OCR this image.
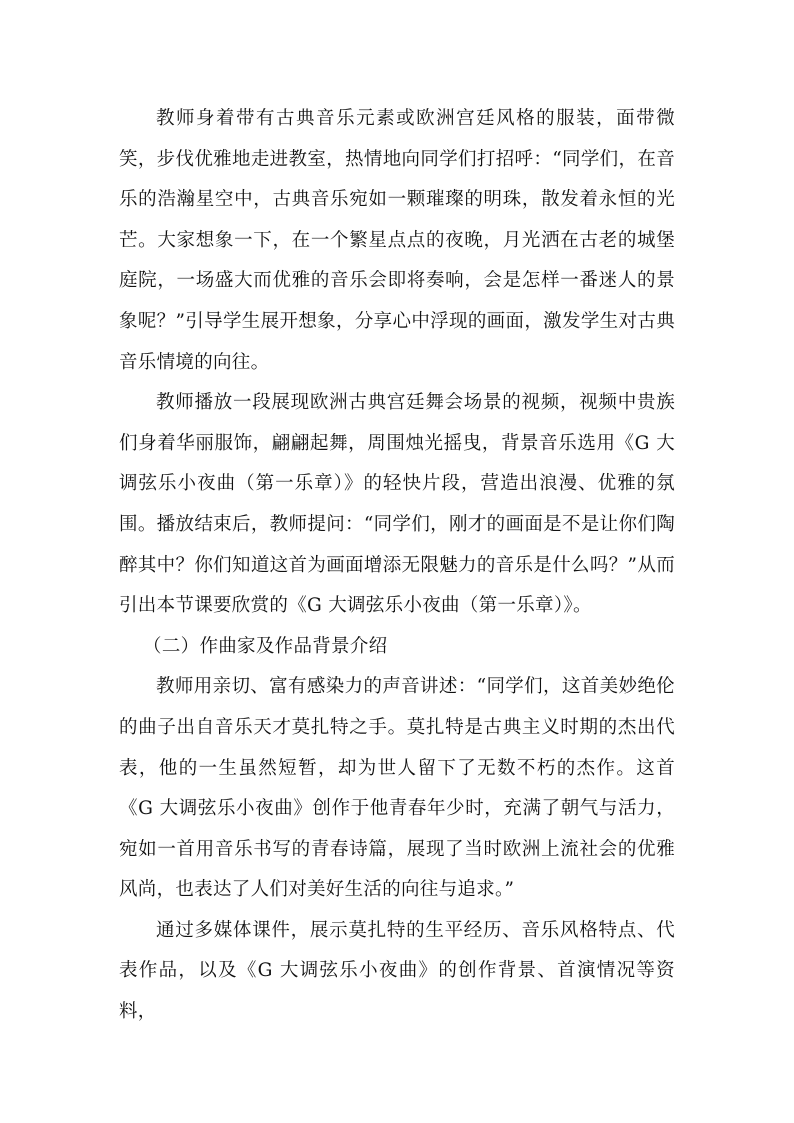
教师身着带有古典音乐元素或欧洲宫廷风格的服装，面带微笑，步伐优雅地走进教室，热情地向同学们打招呼：“同学们，在音乐的浩瀚星空中，古典音乐宛如一颗璀璨的明珠，散发着永恒的光芒。大家想象一下，在一个繁星点点的夜晚，月光洒在古老的城堡庭院，一场盛大而优雅的音乐会即将奏响，会是怎样一番迷人的景象呢？”引导学生展开想象，分享心中浮现的画面，激发学生对古典音乐情境的向往。

教师播放一段展现欧洲古典宫廷舞会场景的视频，视频中贵族们身着华丽服饰，翩翩起舞，周围烛光摇曳，背景音乐选用《G 大调弦乐小夜曲（第一乐章）》的轻快片段，营造出浪漫、优雅的氛围。播放结束后，教师提问：“同学们，刚才的画面是不是让你们陶醉其中？你们知道这首为画面增添无限魅力的音乐是什么吗？”从而引出本节课要欣赏的《G 大调弦乐小夜曲（第一乐章）》。

（二）作曲家及作品背景介绍

教师用亲切、富有感染力的声音讲述：“同学们，这首美妙绝伦的曲子出自音乐天才莫扎特之手。莫扎特是古典主义时期的杰出代表，他的一生虽然短暂，却为世人留下了无数不朽的杰作。这首《G 大调弦乐小夜曲》创作于他青春年少时，充满了朝气与活力，宛如一首用音乐书写的青春诗篇，展现了当时欧洲上流社会的优雅风尚，也表达了人们对美好生活的向往与追求。”

通过多媒体课件，展示莫扎特的生平经历、音乐风格特点、代表作品，以及《G 大调弦乐小夜曲》的创作背景、首演情况等资料，
